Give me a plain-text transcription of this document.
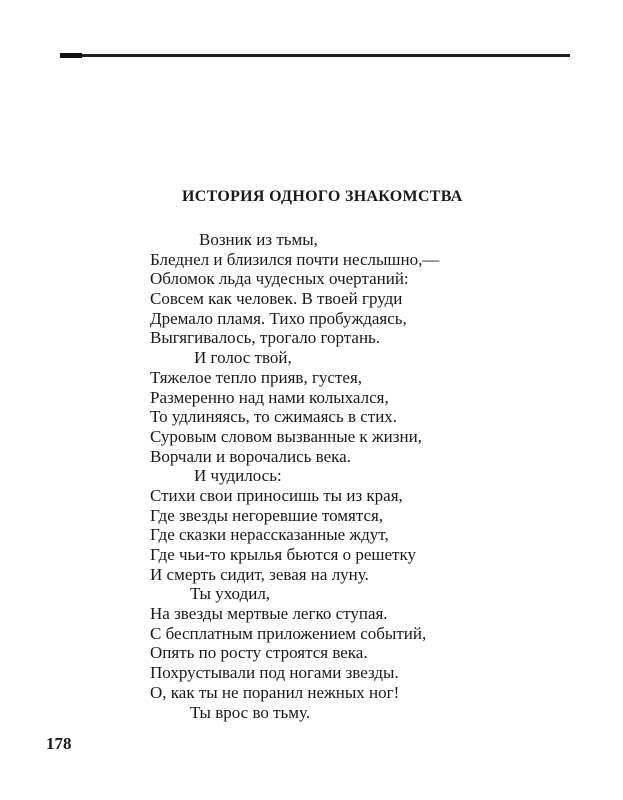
ИСТОРИЯ ОДНОГО ЗНАКОМСТВА
Возник из тьмы,
Бледнел и близился почти неслышно,—
Обломок льда чудесных очертаний:
Совсем как человек. В твоей груди
Дремало пламя. Тихо пробуждаясь,
Выгягивалось, трогало гортань.
И голос твой,
Тяжелое тепло прияв, густея,
Размеренно над нами колыхался,
То удлиняясь, то сжимаясь в стих.
Суровым словом вызванные к жизни,
Ворчали и ворочались века.
И чудилось:
Стихи свои приносишь ты из края,
Где звезды негоревшие томятся,
Где сказки нерассказанные ждут,
Где чьи-то крылья бьются о решетку
И смерть сидит, зевая на луну.
Ты уходил,
На звезды мертвые легко ступая.
С бесплатным приложением событий,
Опять по росту строятся века.
Похрустывали под ногами звезды.
О, как ты не поранил нежных ног!
Ты врос во тьму.
178
